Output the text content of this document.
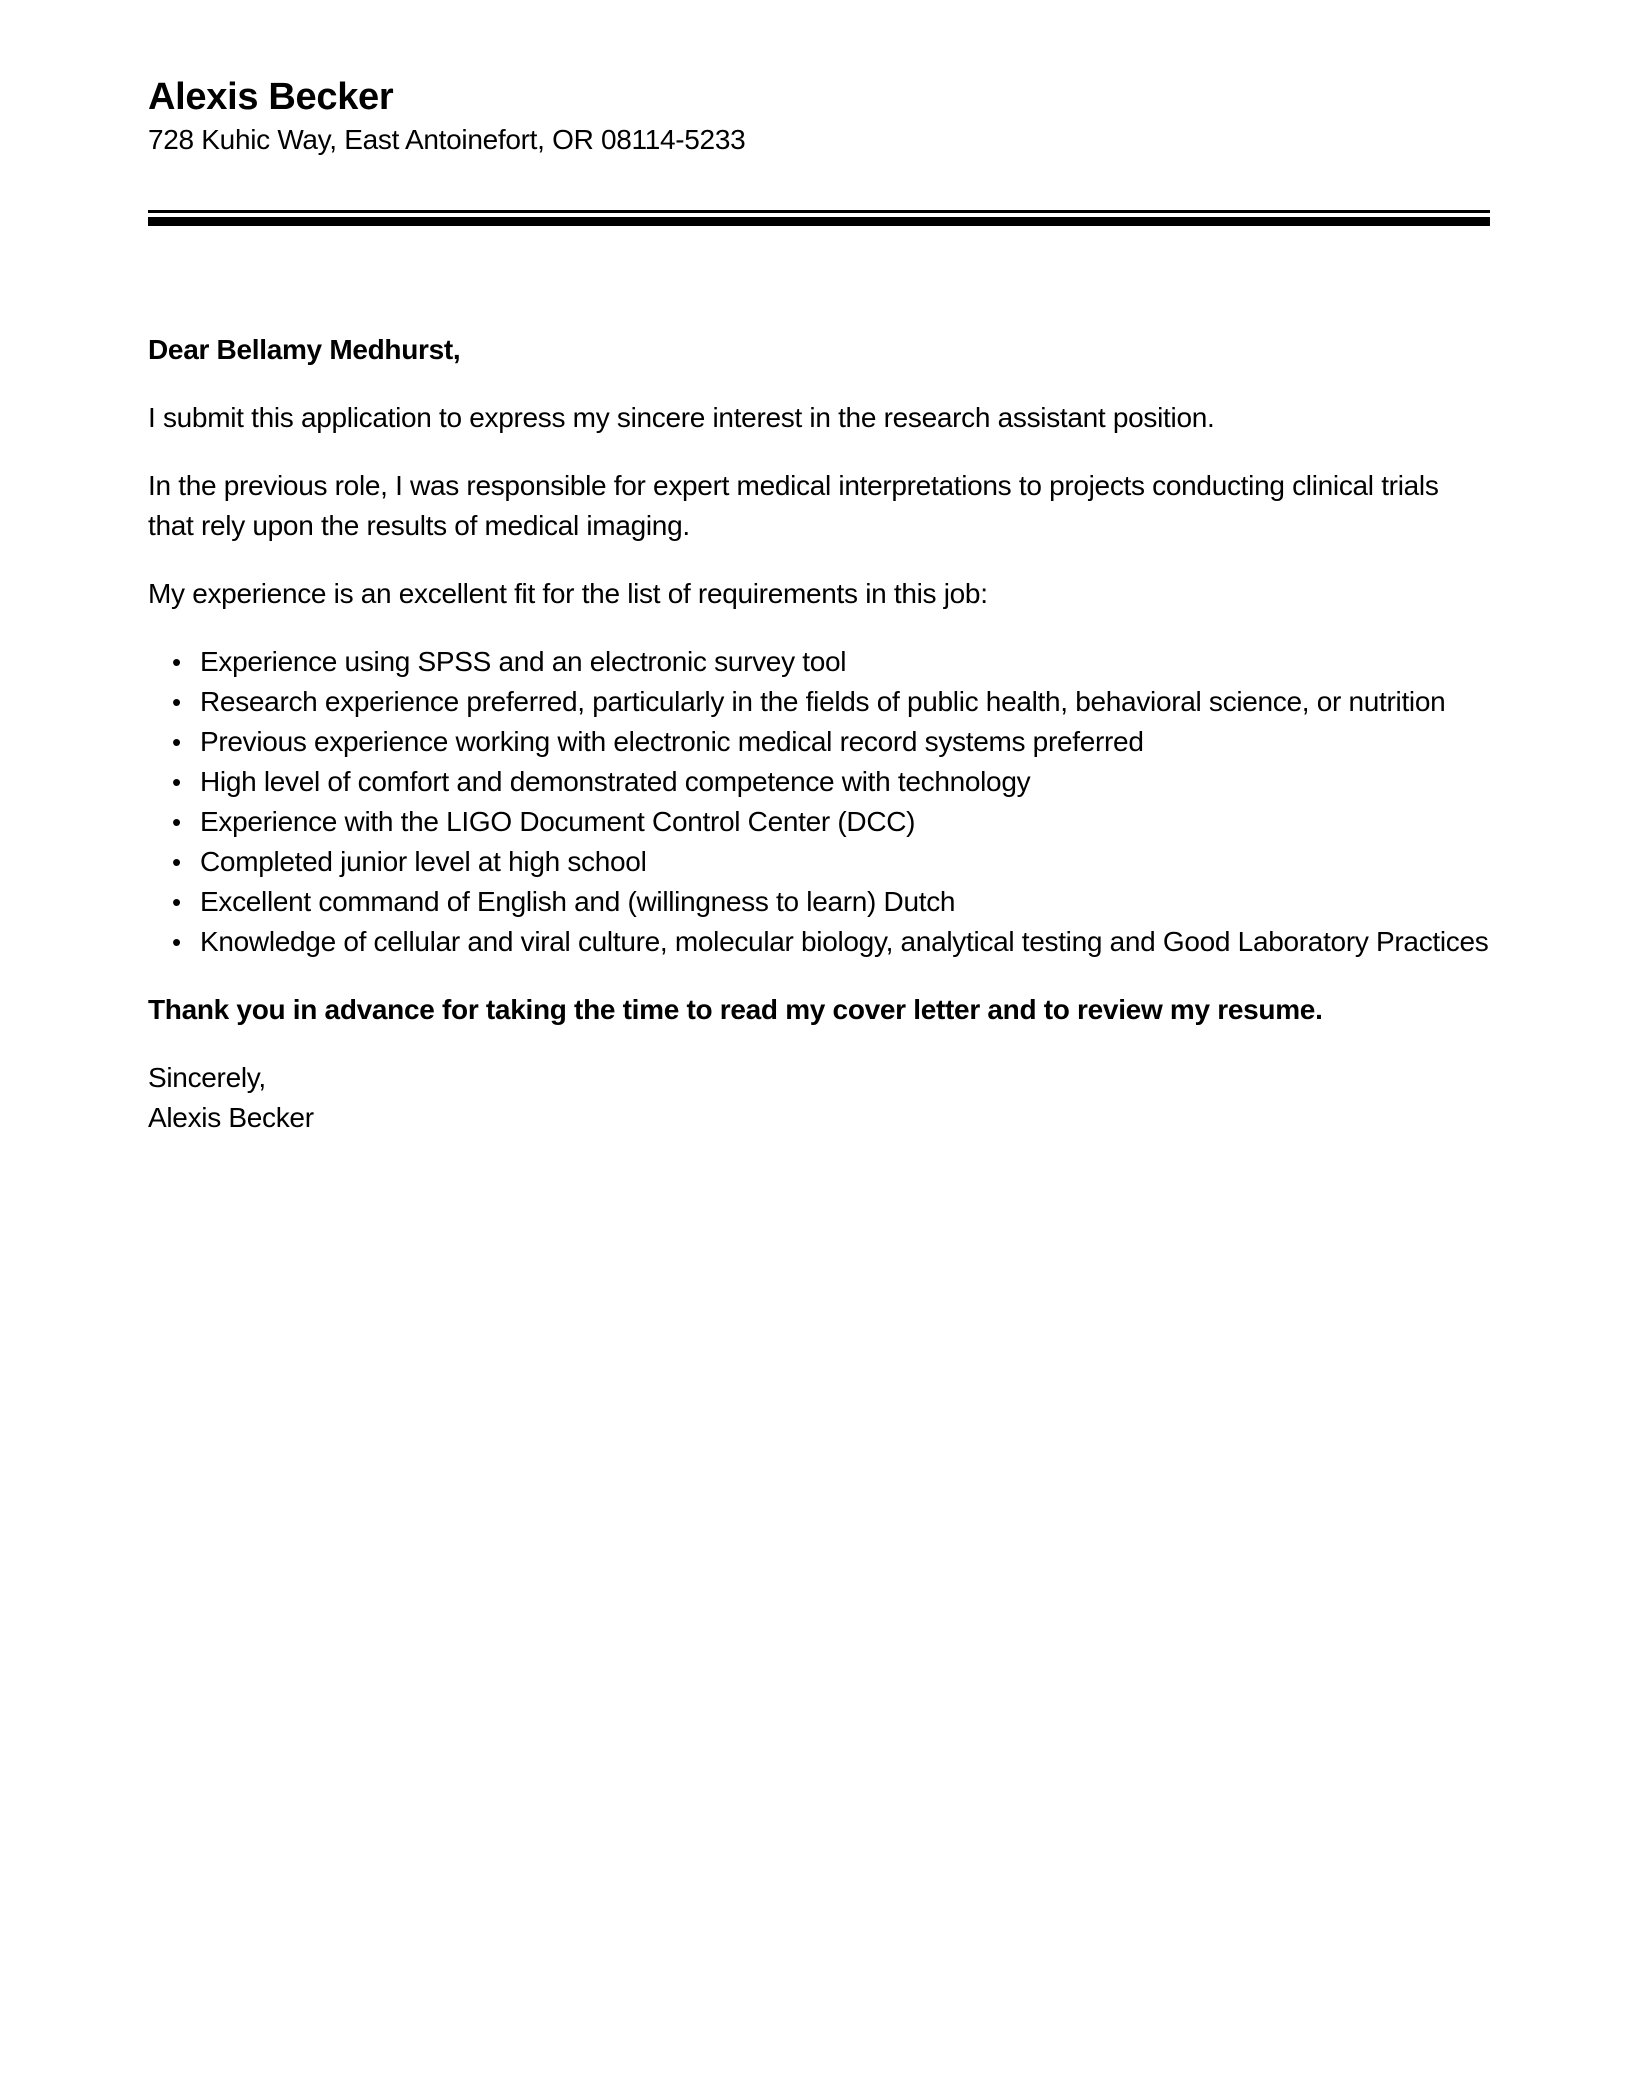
Alexis Becker
728 Kuhic Way, East Antoinefort, OR 08114-5233

Dear Bellamy Medhurst,

I submit this application to express my sincere interest in the research assistant position.

In the previous role, I was responsible for expert medical interpretations to projects conducting clinical trials that rely upon the results of medical imaging.

My experience is an excellent fit for the list of requirements in this job:

• Experience using SPSS and an electronic survey tool
• Research experience preferred, particularly in the fields of public health, behavioral science, or nutrition
• Previous experience working with electronic medical record systems preferred
• High level of comfort and demonstrated competence with technology
• Experience with the LIGO Document Control Center (DCC)
• Completed junior level at high school
• Excellent command of English and (willingness to learn) Dutch
• Knowledge of cellular and viral culture, molecular biology, analytical testing and Good Laboratory Practices

Thank you in advance for taking the time to read my cover letter and to review my resume.

Sincerely,
Alexis Becker
